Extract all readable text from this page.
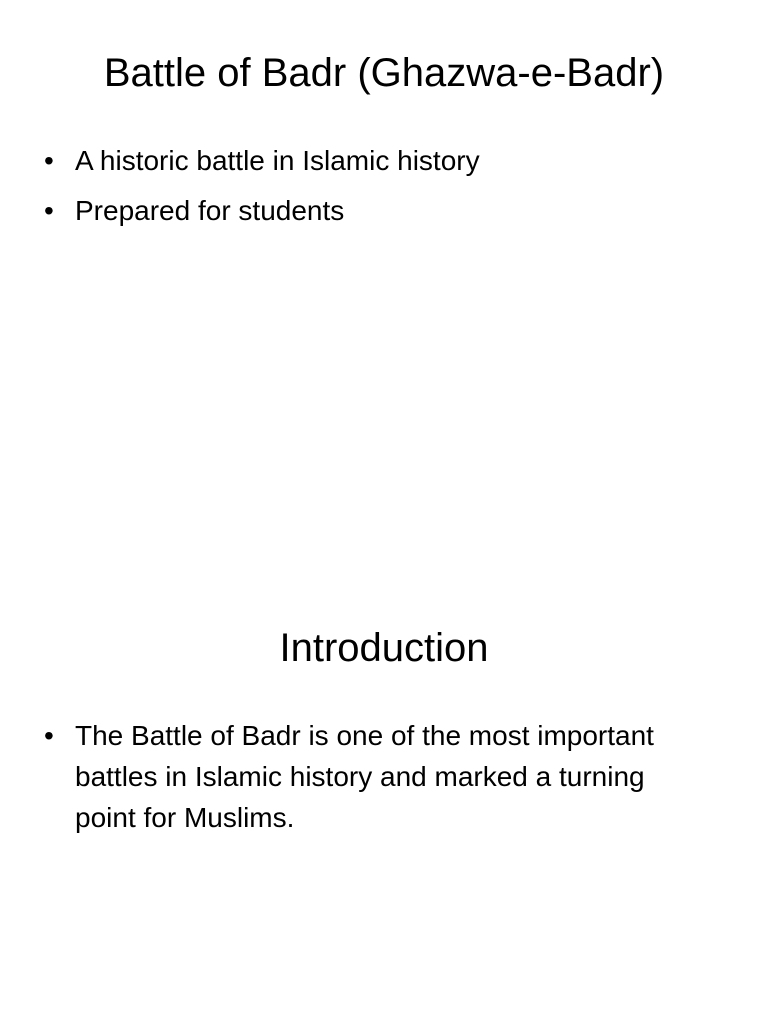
Battle of Badr (Ghazwa-e-Badr)
• A historic battle in Islamic history
• Prepared for students
Introduction
• The Battle of Badr is one of the most important battles in Islamic history and marked a turning point for Muslims.
